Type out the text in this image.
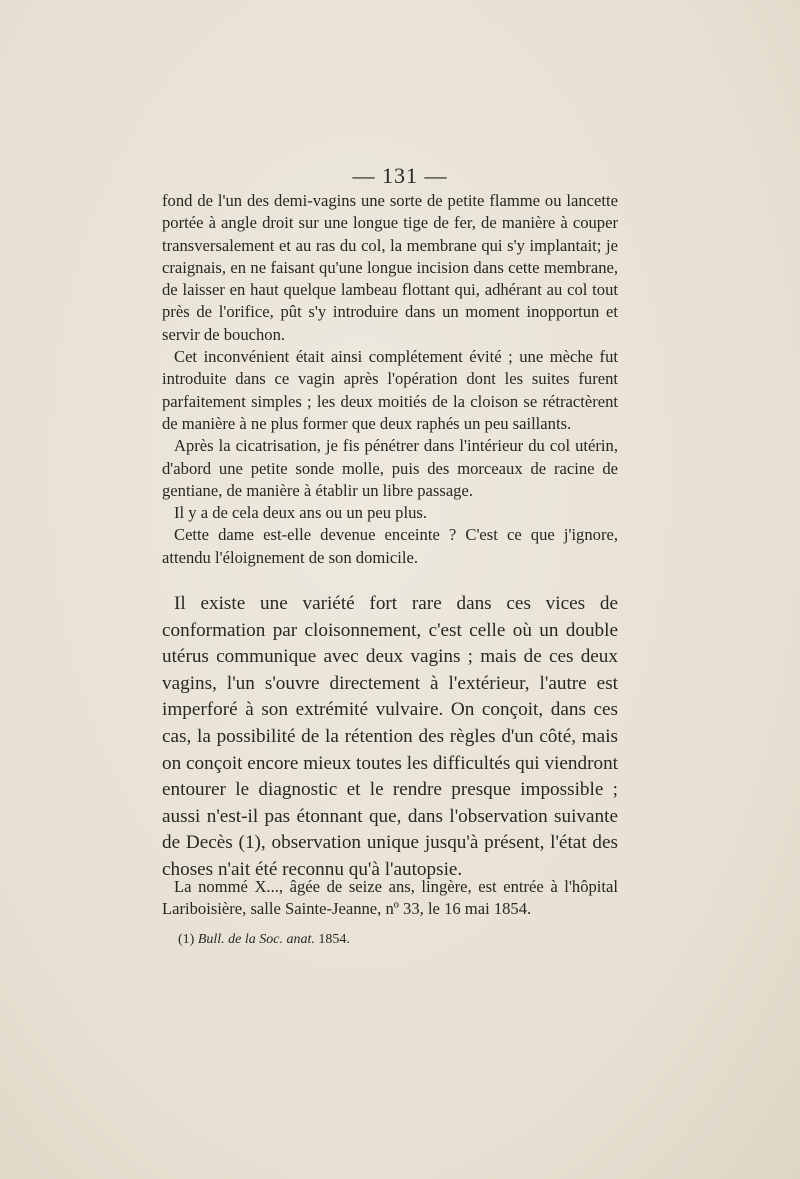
— 131 —

fond de l'un des demi-vagins une sorte de petite flamme ou lancette portée à angle droit sur une longue tige de fer, de manière à couper transversalement et au ras du col, la membrane qui s'y implantait; je craignais, en ne faisant qu'une longue incision dans cette membrane, de laisser en haut quelque lambeau flottant qui, adhérant au col tout près de l'orifice, pût s'y introduire dans un moment inopportun et servir de bouchon.

Cet inconvénient était ainsi complétement évité ; une mèche fut introduite dans ce vagin après l'opération dont les suites furent parfaitement simples ; les deux moitiés de la cloison se rétractèrent de manière à ne plus former que deux raphés un peu saillants.

Après la cicatrisation, je fis pénétrer dans l'intérieur du col utérin, d'abord une petite sonde molle, puis des morceaux de racine de gentiane, de manière à établir un libre passage.

Il y a de cela deux ans ou un peu plus.

Cette dame est-elle devenue enceinte ? C'est ce que j'ignore, attendu l'éloignement de son domicile.

Il existe une variété fort rare dans ces vices de conformation par cloisonnement, c'est celle où un double utérus communique avec deux vagins ; mais de ces deux vagins, l'un s'ouvre directement à l'extérieur, l'autre est imperforé à son extrémité vulvaire. On conçoit, dans ces cas, la possibilité de la rétention des règles d'un côté, mais on conçoit encore mieux toutes les difficultés qui viendront entourer le diagnostic et le rendre presque impossible ; aussi n'est-il pas étonnant que, dans l'observation suivante de Decès (1), observation unique jusqu'à présent, l'état des choses n'ait été reconnu qu'à l'autopsie.

La nommé X..., âgée de seize ans, lingère, est entrée à l'hôpital Lariboisière, salle Sainte-Jeanne, nº 33, le 16 mai 1854.

(1) Bull. de la Soc. anat. 1854.
